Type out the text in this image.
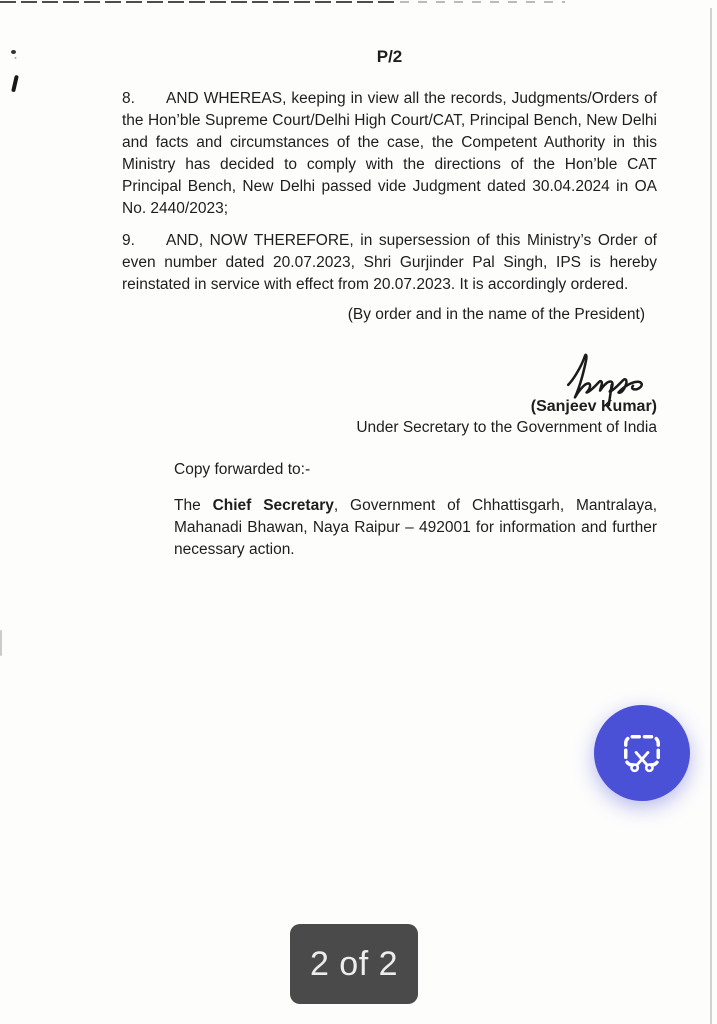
P/2

8. AND WHEREAS, keeping in view all the records, Judgments/Orders of the Hon’ble Supreme Court/Delhi High Court/CAT, Principal Bench, New Delhi and facts and circumstances of the case, the Competent Authority in this Ministry has decided to comply with the directions of the Hon’ble CAT Principal Bench, New Delhi passed vide Judgment dated 30.04.2024 in OA No. 2440/2023;

9. AND, NOW THEREFORE, in supersession of this Ministry’s Order of even number dated 20.07.2023, Shri Gurjinder Pal Singh, IPS is hereby reinstated in service with effect from 20.07.2023. It is accordingly ordered.

(By order and in the name of the President)

(Sanjeev Kumar)
Under Secretary to the Government of India

Copy forwarded to:-

The Chief Secretary, Government of Chhattisgarh, Mantralaya, Mahanadi Bhawan, Naya Raipur – 492001 for information and further necessary action.

2 of 2
